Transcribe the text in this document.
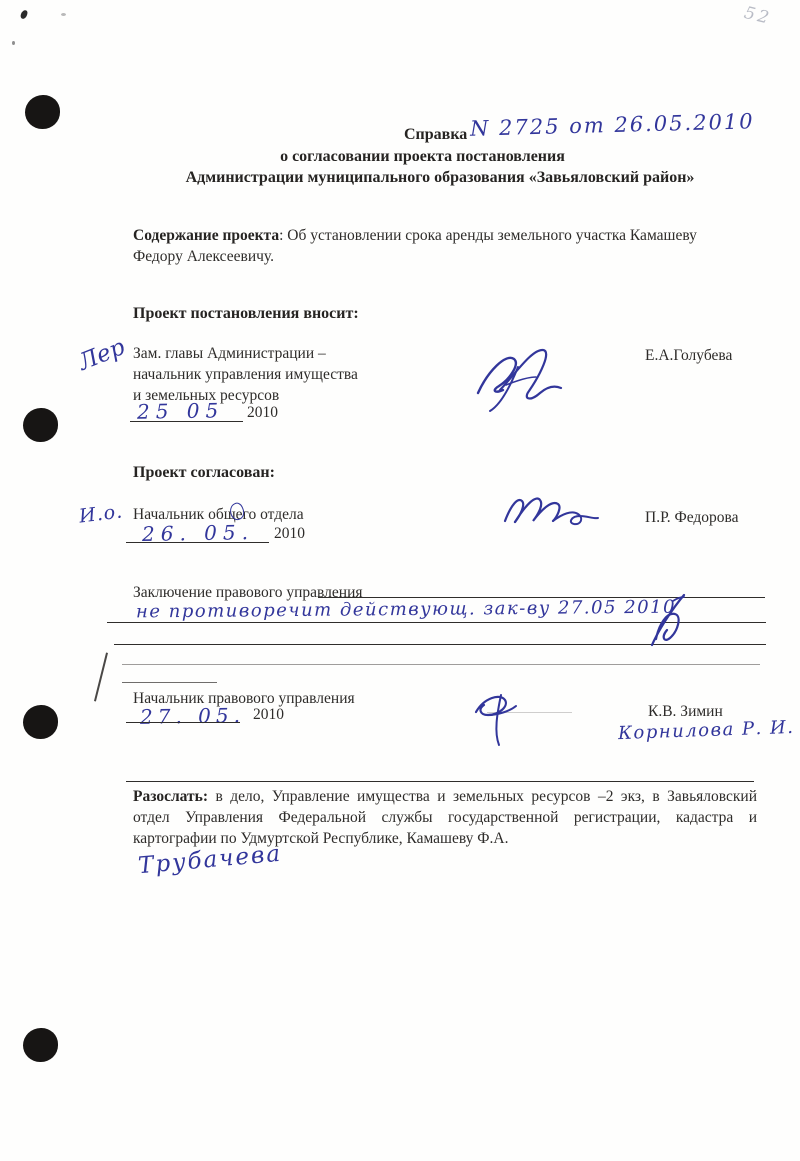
52
Справка N 2725 от 26.05.2010
о согласовании проекта постановления
Администрации муниципального образования «Завьяловский район»
Содержание проекта: Об установлении срока аренды земельного участка Камашеву Федору Алексеевичу.
Проект постановления вносит:
Лер Зам. главы Администрации –
начальник управления имущества
и земельных ресурсов
25 05 2010
Е.А.Голубева
Проект согласован:
И.о. Начальник общего отдела
26. 05. 2010
П.Р. Федорова
Заключение правового управления
не противоречит действующ. зак-ву 27.05 2010
Начальник правового управления
27. 05. 2010	К.В. Зимин
Корнилова Р. И.
Разослать: в дело, Управление имущества и земельных ресурсов –2 экз, в Завьяловский отдел Управления Федеральной службы государственной регистрации, кадастра и картографии по Удмуртской Республике, Камашеву Ф.А.
Трубачева
